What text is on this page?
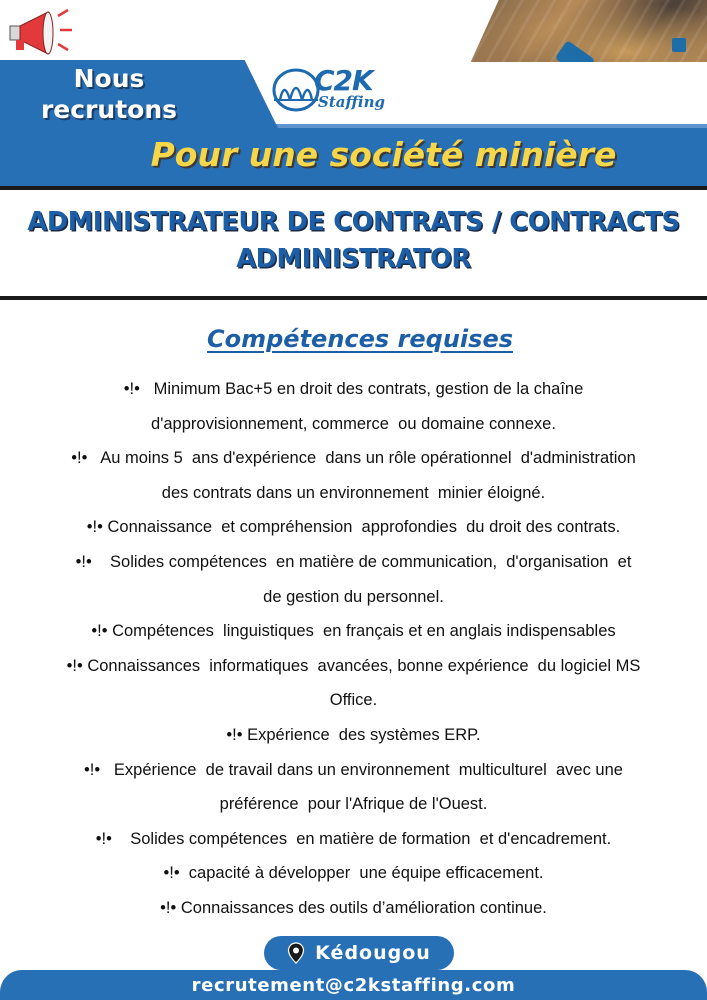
Nous
recrutons
C2K
Staffing
Pour une société minière
ADMINISTRATEUR DE CONTRATS / CONTRACTS
ADMINISTRATOR
Compétences requises
•!•   Minimum Bac+5 en droit des contrats, gestion de la chaîne
d'approvisionnement, commerce  ou domaine connexe.
•!•   Au moins 5  ans d'expérience  dans un rôle opérationnel  d'administration
des contrats dans un environnement  minier éloigné.
•!• Connaissance  et compréhension  approfondies  du droit des contrats.
•!•    Solides compétences  en matière de communication,  d'organisation  et
de gestion du personnel.
•!• Compétences  linguistiques  en français et en anglais indispensables
•!• Connaissances  informatiques  avancées, bonne expérience  du logiciel MS
Office.
•!• Expérience  des systèmes ERP.
•!•   Expérience  de travail dans un environnement  multiculturel  avec une
préférence  pour l'Afrique de l'Ouest.
•!•    Solides compétences  en matière de formation  et d'encadrement.
•!•  capacité à développer  une équipe efficacement.
•!• Connaissances des outils d’amélioration continue.
Kédougou
recrutement@c2kstaffing.com
